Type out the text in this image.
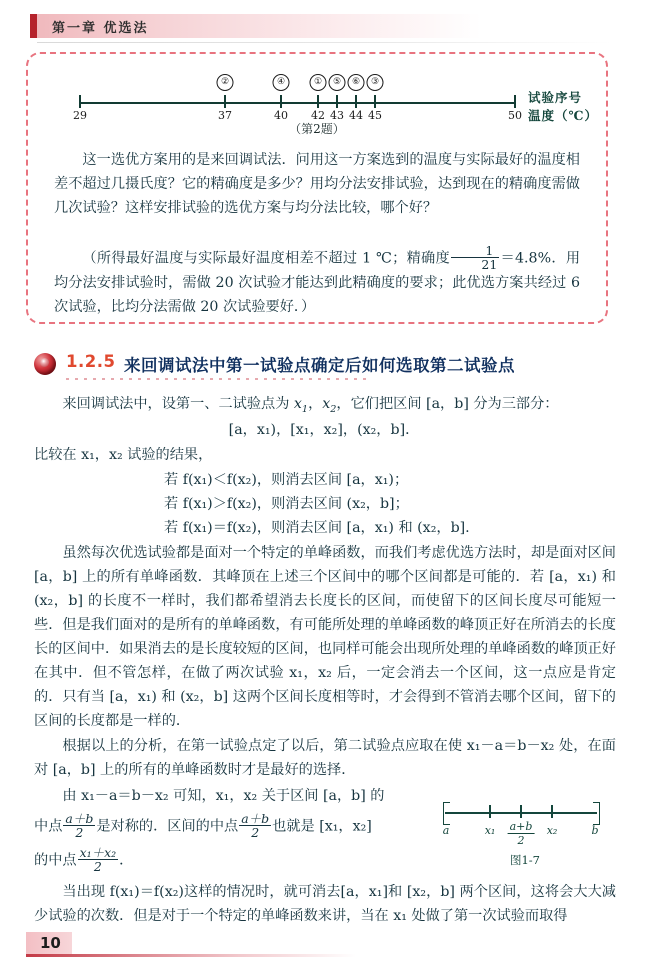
第一章 优选法
29	37	40 42 43 44 45	50
②	④	①	⑤	⑥	③
试验序号
温度（℃）
（第2题）
这一选优方案用的是来回调试法．问用这一方案选到的温度与实际最好的温度相差不超过几摄氏度？它的精确度是多少？用均分法安排试验，达到现在的精确度需做几次试验？这样安排试验的选优方案与均分法比较，哪个好？
（所得最好温度与实际最好温度相差不超过 1 ℃；精确度 $\frac{1}{21} =4.8\%$．用均分法安排试验时，需做 20 次试验才能达到此精确度的要求；此优选方案共经过 6 次试验，比均分法需做 20 次试验要好．）
1.2.5 来回调试法中第一试验点确定后如何选取第二试验点
来回调试法中，设第一、二试验点为 $x_1$，$x_2$，它们把区间 [a，b] 分为三部分：
[a，x₁)，[x₁，x₂]，(x₂，b]．
比较在 x₁，x₂ 试验的结果，
若 f(x₁)＜f(x₂)，则消去区间 [a，x₁)；
若 f(x₁)＞f(x₂)，则消去区间 (x₂，b]；
若 f(x₁)＝f(x₂)，则消去区间 [a，x₁) 和 (x₂，b].
虽然每次优选试验都是面对一个特定的单峰函数，而我们考虑优选方法时，却是面对区间 [a，b] 上的所有单峰函数．其峰顶在上述三个区间中的哪个区间都是可能的．若 [a，x₁) 和 (x₂，b] 的长度不一样时，我们都希望消去长度长的区间，而使留下的区间长度尽可能短一些．但是我们面对的是所有的单峰函数，有可能所处理的单峰函数的峰顶正好在所消去的长度长的区间中．如果消去的是长度较短的区间，也同样可能会出现所处理的单峰函数的峰顶正好在其中．但不管怎样，在做了两次试验 x₁，x₂ 后，一定会消去一个区间，这一点应是肯定的．只有当 [a，x₁) 和 (x₂，b] 这两个区间长度相等时，才会得到不管消去哪个区间，留下的区间的长度都是一样的．
根据以上的分析，在第一试验点定了以后，第二试验点应取在使 x₁－a＝b－x₂ 处，在面对 [a，b] 上的所有的单峰函数时才是最好的选择．
由 x₁－a＝b－x₂ 可知，x₁，x₂ 关于区间 [a，b] 的
中点 $\frac{a+b}{2}$ 是对称的．区间的中点 $\frac{a+b}{2}$ 也就是 [x₁，x₂]
的中点 $\frac{\text{x₁＋x₂}}{2}$ ．
a	x₁	x₂	b
$\frac{a+b}{2}$
图1-7
当出现 f(x₁)＝f(x₂)这样的情况时，就可消去[a，x₁]和 [x₂，b] 两个区间，这将会大大减少试验的次数．但是对于一个特定的单峰函数来讲，当在 x₁ 处做了第一次试验而取得
10
